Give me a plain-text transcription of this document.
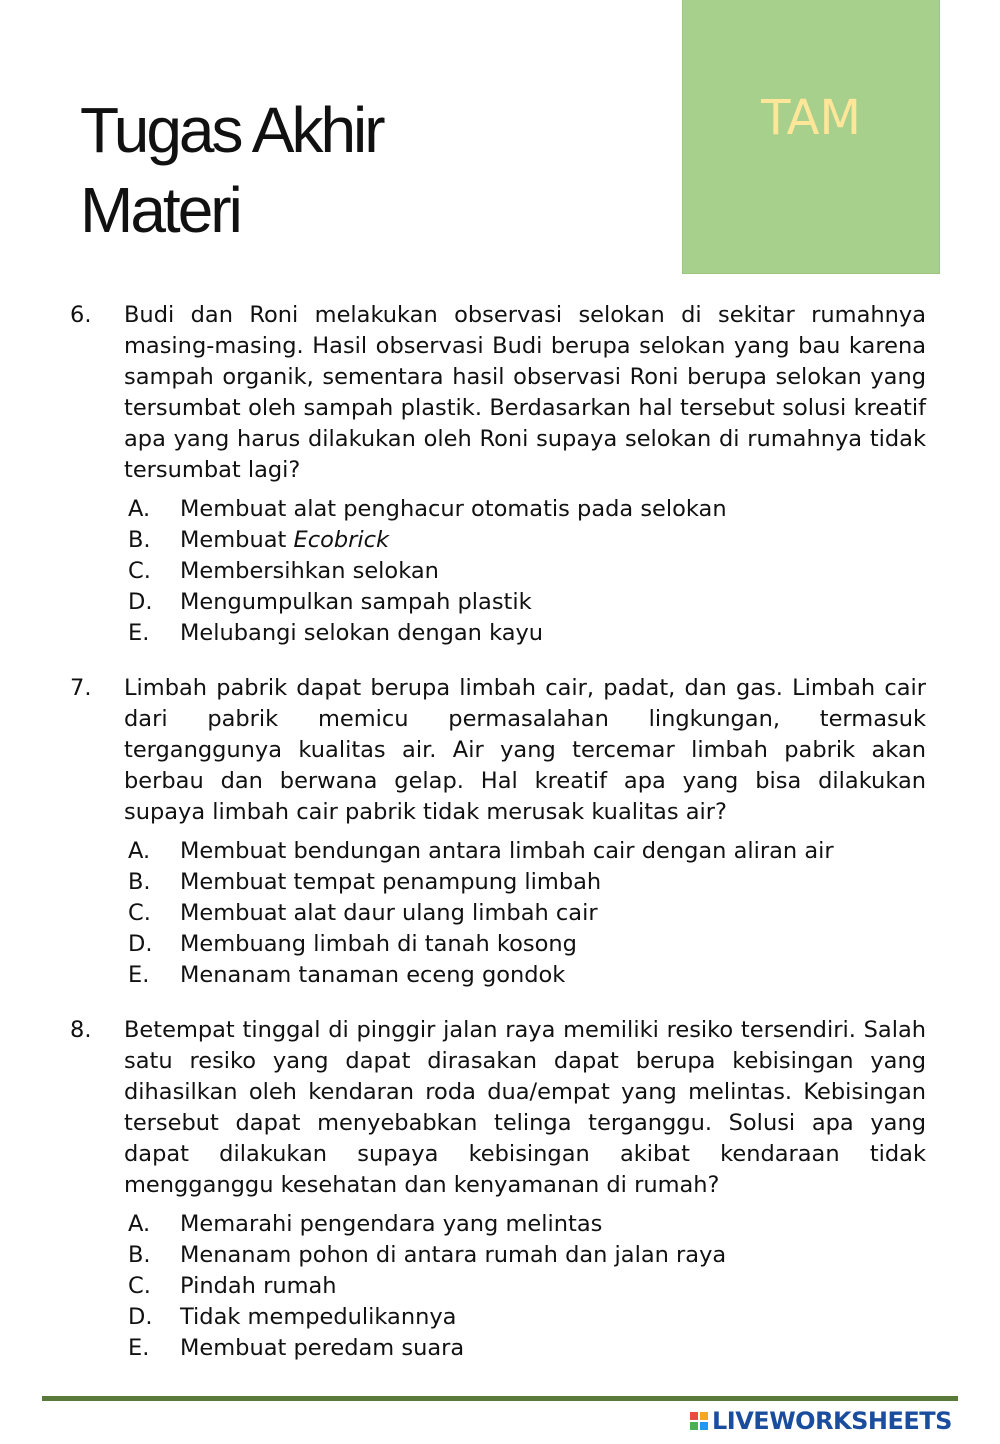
Tugas Akhir
Materi
TAM
6.	Budi dan Roni melakukan observasi selokan di sekitar rumahnya masing-masing. Hasil observasi Budi berupa selokan yang bau karena sampah organik, sementara hasil observasi Roni berupa selokan yang tersumbat oleh sampah plastik. Berdasarkan hal tersebut solusi kreatif apa yang harus dilakukan oleh Roni supaya selokan di rumahnya tidak tersumbat lagi?
A.	Membuat alat penghacur otomatis pada selokan
B.	Membuat Ecobrick
C.	Membersihkan selokan
D.	Mengumpulkan sampah plastik
E.	Melubangi selokan dengan kayu
7.	Limbah pabrik dapat berupa limbah cair, padat, dan gas. Limbah cair dari pabrik memicu permasalahan lingkungan, termasuk terganggunya kualitas air. Air yang tercemar limbah pabrik akan berbau dan berwana gelap. Hal kreatif apa yang bisa dilakukan supaya limbah cair pabrik tidak merusak kualitas air?
A.	Membuat bendungan antara limbah cair dengan aliran air
B.	Membuat tempat penampung limbah
C.	Membuat alat daur ulang limbah cair
D.	Membuang limbah di tanah kosong
E.	Menanam tanaman eceng gondok
8.	Betempat tinggal di pinggir jalan raya memiliki resiko tersendiri. Salah satu resiko yang dapat dirasakan dapat berupa kebisingan yang dihasilkan oleh kendaran roda dua/empat yang melintas. Kebisingan tersebut dapat menyebabkan telinga terganggu. Solusi apa yang dapat dilakukan supaya kebisingan akibat kendaraan tidak mengganggu kesehatan dan kenyamanan di rumah?
A.	Memarahi pengendara yang melintas
B.	Menanam pohon di antara rumah dan jalan raya
C.	Pindah rumah
D.	Tidak mempedulikannya
E.	Membuat peredam suara
LIVEWORKSHEETS
